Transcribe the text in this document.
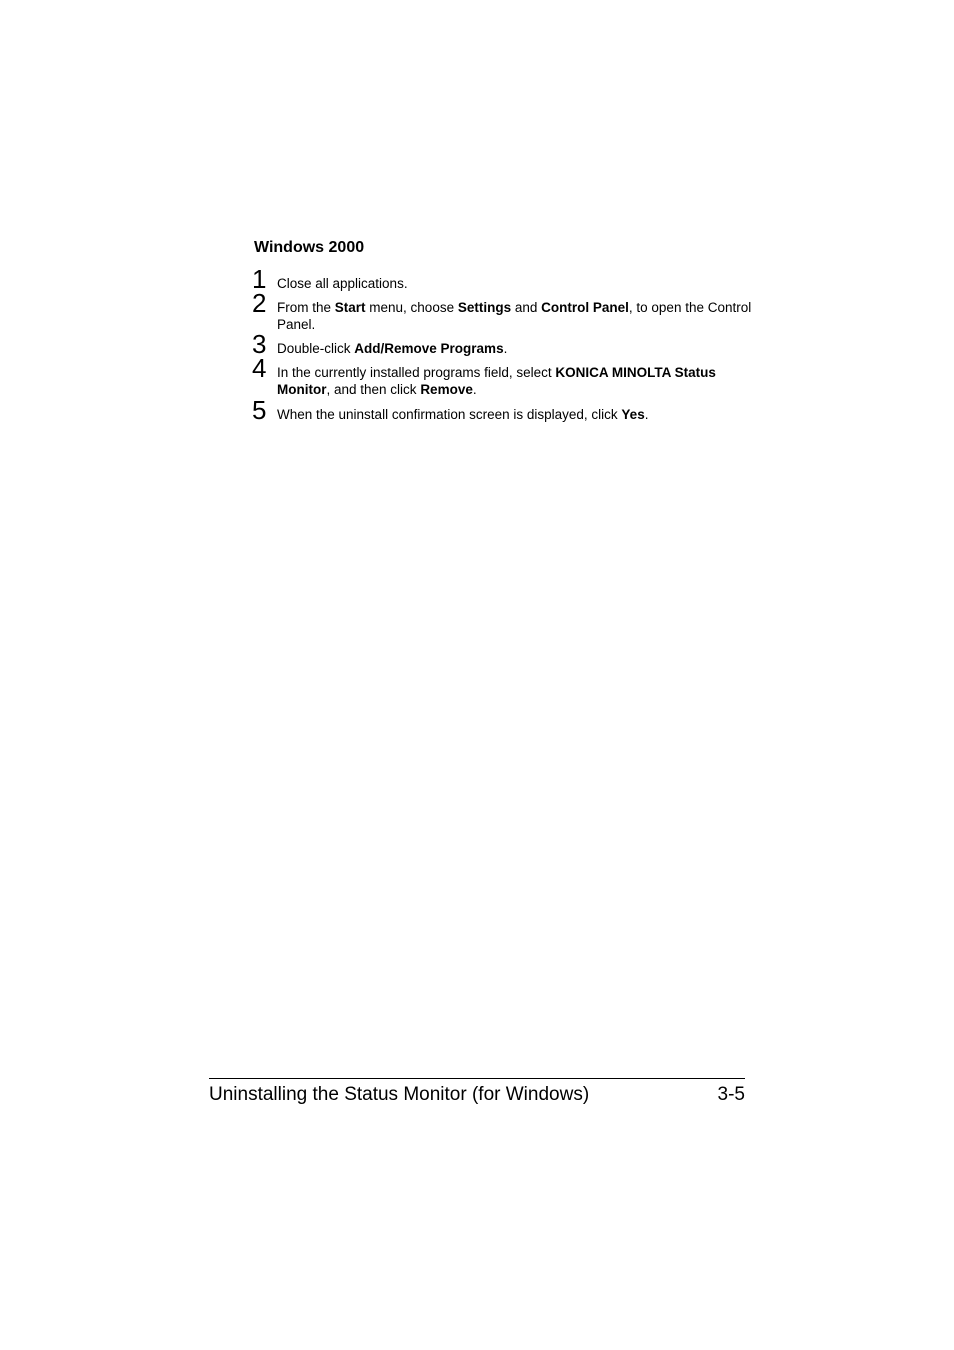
Windows 2000
1 Close all applications.
2 From the Start menu, choose Settings and Control Panel, to open the Control Panel.
3 Double-click Add/Remove Programs.
4 In the currently installed programs field, select KONICA MINOLTA Status Monitor, and then click Remove.
5 When the uninstall confirmation screen is displayed, click Yes.

Uninstalling the Status Monitor (for Windows)	3-5
